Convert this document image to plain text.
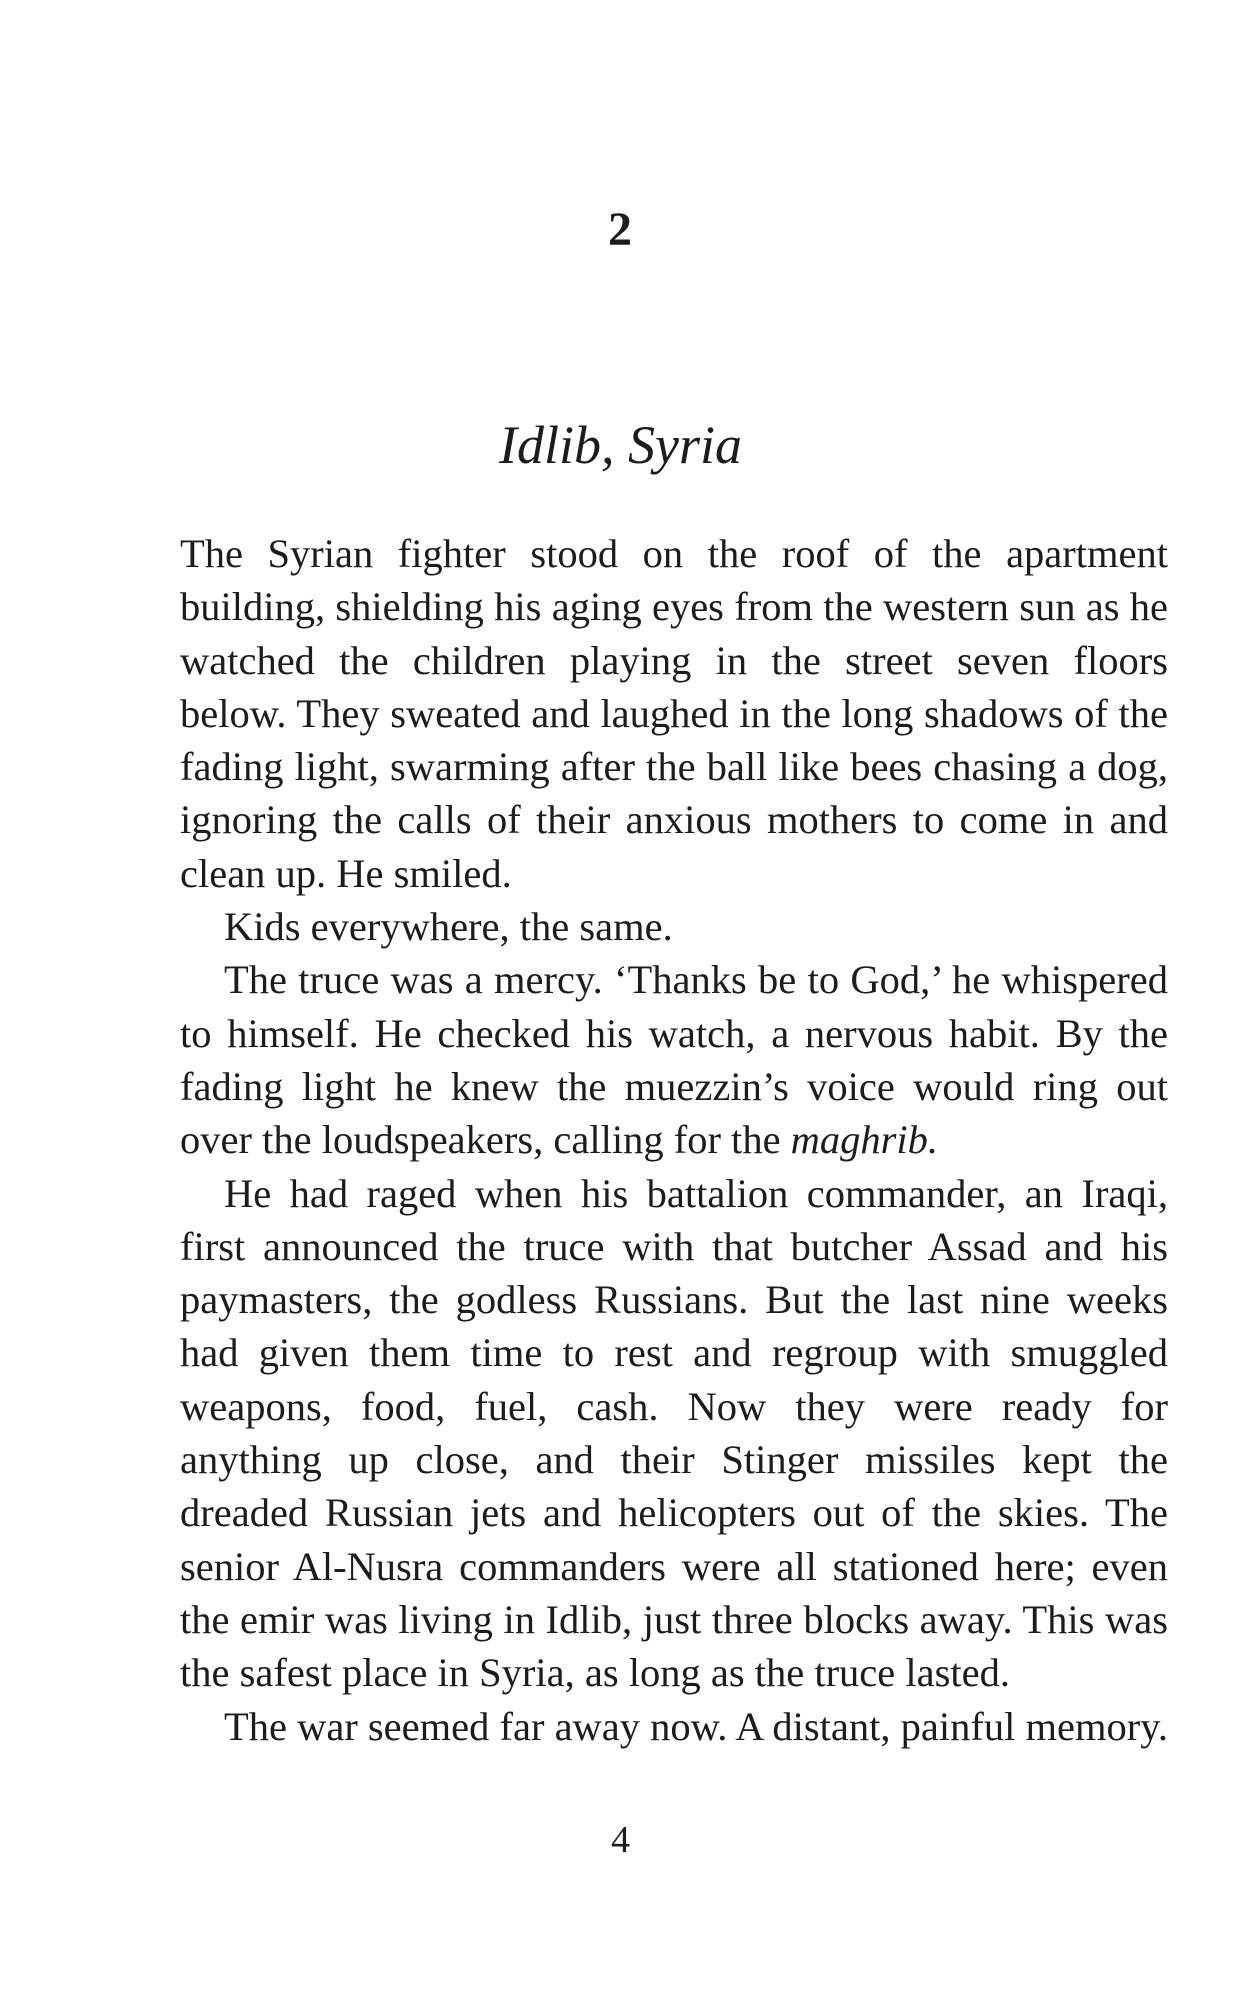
2
Idlib, Syria

The Syrian fighter stood on the roof of the apartment building, shielding his aging eyes from the western sun as he watched the children playing in the street seven floors below. They sweated and laughed in the long shadows of the fading light, swarming after the ball like bees chasing a dog, ignoring the calls of their anxious mothers to come in and clean up. He smiled.

Kids everywhere, the same.

The truce was a mercy. ‘Thanks be to God,’ he whispered to himself. He checked his watch, a nervous habit. By the fading light he knew the muezzin’s voice would ring out over the loudspeakers, calling for the maghrib.

He had raged when his battalion commander, an Iraqi, first announced the truce with that butcher Assad and his paymasters, the godless Russians. But the last nine weeks had given them time to rest and regroup with smuggled weapons, food, fuel, cash. Now they were ready for anything up close, and their Stinger missiles kept the dreaded Russian jets and helicopters out of the skies. The senior Al-Nusra commanders were all stationed here; even the emir was living in Idlib, just three blocks away. This was the safest place in Syria, as long as the truce lasted.

The war seemed far away now. A distant, painful memory.

4
